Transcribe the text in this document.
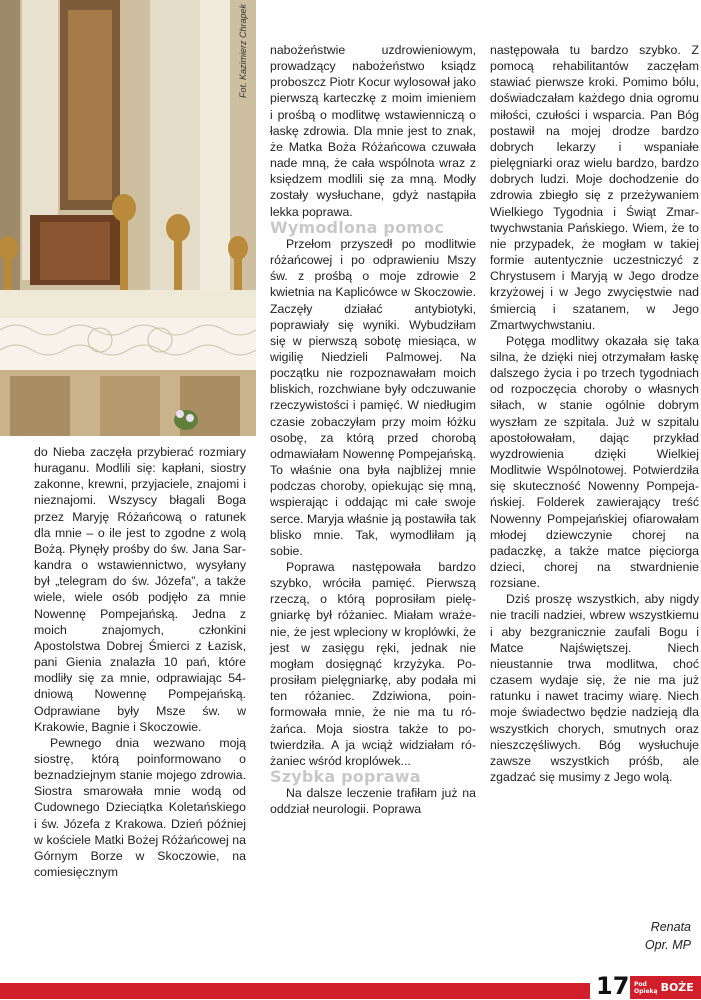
Fot. Kazimierz Chrapek

do Nieba zaczęła przybierać rozmiary huraganu. Modlili się: kapłani, siostry zakonne, krewni, przyjaciele, znajomi i nieznajomi. Wszyscy błagali Boga przez Maryję Różańcową o ratunek dla mnie – o ile jest to zgodne z wolą Bożą. Płynęły prośby do św. Jana Sarkandra o wstawiennictwo, wysyłany był „telegram do św. Józefa”, a także wiele, wiele osób podjęło za mnie Nowennę Pompejańską. Jedna z moich znajomych, członkini Apostolstwa Dobrej Śmierci z Łazisk, pani Gienia znalazła 10 pań, które modliły się za mnie, odprawiając 54-dniową Nowennę Pompejańską. Odprawiane były Msze św. w Krakowie, Bagnie i Skoczowie.

Pewnego dnia wezwano moją siostrę, którą poinformowano o beznadziejnym stanie mojego zdrowia. Siostra smarowała mnie wodą od Cudownego Dzieciątka Koletańskiego i św. Józefa z Krakowa. Dzień później w kościele Matki Bożej Różańcowej na Górnym Borze w Skoczowie, na comiesięcznym

nabożeństwie uzdrowieniowym, prowadzący nabożeństwo ksiądz proboszcz Piotr Kocur wylosował jako pierwszą karteczkę z moim imieniem i prośbą o modlitwę wstawienniczą o łaskę zdrowia. Dla mnie jest to znak, że Matka Boża Różańcowa czuwała nade mną, że cała wspólnota wraz z księdzem modlili się za mną. Modły zostały wysłuchane, gdyż nastąpiła lekka poprawa.

Wymodlona pomoc

Przełom przyszedł po modlitwie różańcowej i po odprawieniu Mszy św. z prośbą o moje zdrowie 2 kwietnia na Kaplicówce w Skoczowie. Zaczęły działać antybiotyki, poprawiały się wyniki. Wybudziłam się w pierwszą sobotę miesiąca, w wigilię Niedzieli Palmowej. Na początku nie rozpoznawałam moich bliskich, rozchwiane były odczuwanie rzeczywistości i pamięć. W niedługim czasie zobaczyłam przy moim łóżku osobę, za którą przed chorobą odmawiałam Nowennę Pompejańską. To właśnie ona była najbliżej mnie podczas choroby, opiekując się mną, wspierając i oddając mi całe swoje serce. Maryja właśnie ją postawiła tak blisko mnie. Tak, wymodliłam ją sobie.

Poprawa następowała bardzo szybko, wróciła pamięć. Pierwszą rzeczą, o którą poprosiłam pielęgniarkę był różaniec. Miałam wrażenie, że jest wpleciony w kroplówki, że jest w zasięgu ręki, jednak nie mogłam dosięgnąć krzyżyka. Poprosiłam pielęgniarkę, aby podała mi ten różaniec. Zdziwiona, poinformowała mnie, że nie ma tu różańca. Moja siostra także to potwierdziła. A ja wciąż widziałam różaniec wśród kroplówek...

Szybka poprawa

Na dalsze leczenie trafiłam już na oddział neurologii. Poprawa

następowała tu bardzo szybko. Z pomocą rehabilitantów zaczęłam stawiać pierwsze kroki. Pomimo bólu, doświadczałam każdego dnia ogromu miłości, czułości i wsparcia. Pan Bóg postawił na mojej drodze bardzo dobrych lekarzy i wspaniałe pielęgniarki oraz wielu bardzo, bardzo dobrych ludzi. Moje dochodzenie do zdrowia zbiegło się z przeżywaniem Wielkiego Tygodnia i Świąt Zmartwychwstania Pańskiego. Wiem, że to nie przypadek, że mogłam w takiej formie autentycznie uczestniczyć z Chrystusem i Maryją w Jego drodze krzyżowej i w Jego zwycięstwie nad śmiercią i szatanem, w Jego Zmartwychwstaniu.

Potęga modlitwy okazała się taka silna, że dzięki niej otrzymałam łaskę dalszego życia i po trzech tygodniach od rozpoczęcia choroby o własnych siłach, w stanie ogólnie dobrym wyszłam ze szpitala. Już w szpitalu apostołowałam, dając przykład wyzdrowienia dzięki Wielkiej Modlitwie Wspólnotowej. Potwierdziła się skuteczność Nowenny Pompejańskiej. Folderek zawierający treść Nowenny Pompejańskiej ofiarowałam młodej dziewczynie chorej na padaczkę, a także matce pięciorga dzieci, chorej na stwardnienie rozsiane.

Dziś proszę wszystkich, aby nigdy nie tracili nadziei, wbrew wszystkiemu i aby bezgranicznie zaufali Bogu i Matce Najświętszej. Niech nieustannie trwa modlitwa, choć czasem wydaje się, że nie ma już ratunku i nawet tracimy wiarę. Niech moje świadectwo będzie nadzieją dla wszystkich chorych, smutnych oraz nieszczęśliwych. Bóg wysłuchuje zawsze wszystkich próśb, ale zgadzać się musimy z Jego wolą.

Renata
Opr. MP
17 Pod
Opieką BOŻE
